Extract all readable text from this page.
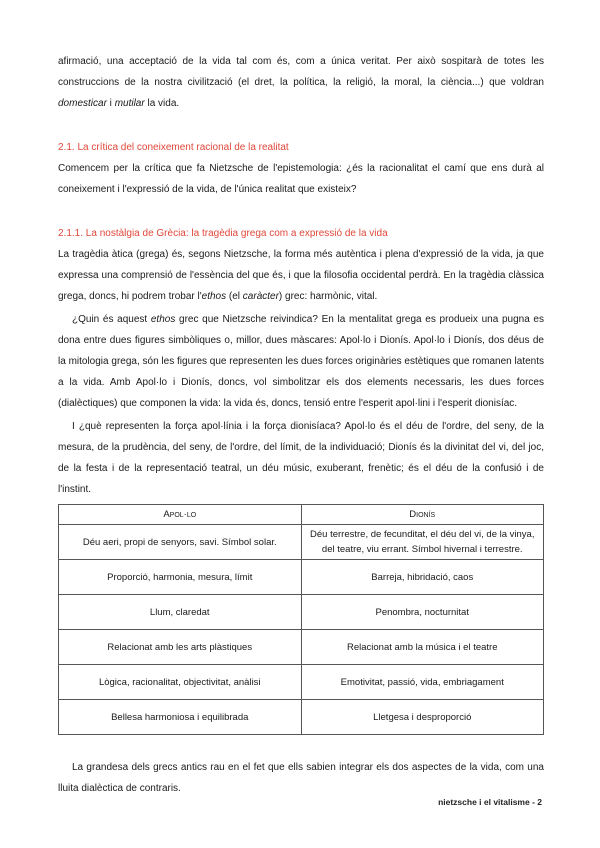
afirmació, una acceptació de la vida tal com és, com a única veritat. Per això sospitarà de totes les construccions de la nostra civilització (el dret, la política, la religió, la moral, la ciència...) que voldran domesticar i mutilar la vida.

2.1. La crítica del coneixement racional de la realitat

Comencem per la crítica que fa Nietzsche de l'epistemologia: ¿és la racionalitat el camí que ens durà al coneixement i l'expressió de la vida, de l'única realitat que existeix?

2.1.1. La nostàlgia de Grècia: la tragèdia grega com a expressió de la vida

La tragèdia àtica (grega) és, segons Nietzsche, la forma més autèntica i plena d'expressió de la vida, ja que expressa una comprensió de l'essència del que és, i que la filosofia occidental perdrà. En la tragèdia clàssica grega, doncs, hi podrem trobar l'ethos (el caràcter) grec: harmònic, vital.

¿Quin és aquest ethos grec que Nietzsche reivindica? En la mentalitat grega es produeix una pugna es dona entre dues figures simbòliques o, millor, dues màscares: Apol·lo i Dionís. Apol·lo i Dionís, dos déus de la mitologia grega, són les figures que representen les dues forces originàries estètiques que romanen latents a la vida. Amb Apol·lo i Dionís, doncs, vol simbolitzar els dos elements necessaris, les dues forces (dialèctiques) que componen la vida: la vida és, doncs, tensió entre l'esperit apol·lini i l'esperit dionisíac.

I ¿què representen la força apol·línia i la força dionisíaca? Apol·lo és el déu de l'ordre, del seny, de la mesura, de la prudència, del seny, de l'ordre, del límit, de la individuació; Dionís és la divinitat del vi, del joc, de la festa i de la representació teatral, un déu músic, exuberant, frenètic; és el déu de la confusió i de l'instint.

Apol·lo	Dionís
Déu aeri, propi de senyors, savi. Símbol solar.	Déu terrestre, de fecunditat, el déu del vi, de la vinya, del teatre, viu errant. Símbol hivernal i terrestre.
Proporció, harmonia, mesura, límit	Barreja, hibridació, caos
Llum, claredat	Penombra, nocturnitat
Relacionat amb les arts plàstiques	Relacionat amb la música i el teatre
Lògica, racionalitat, objectivitat, anàlisi	Emotivitat, passió, vida, embriagament
Bellesa harmoniosa i equilibrada	Lletgesa i desproporció

La grandesa dels grecs antics rau en el fet que ells sabien integrar els dos aspectes de la vida, com una lluita dialèctica de contraris.

nietzsche i el vitalisme - 2
